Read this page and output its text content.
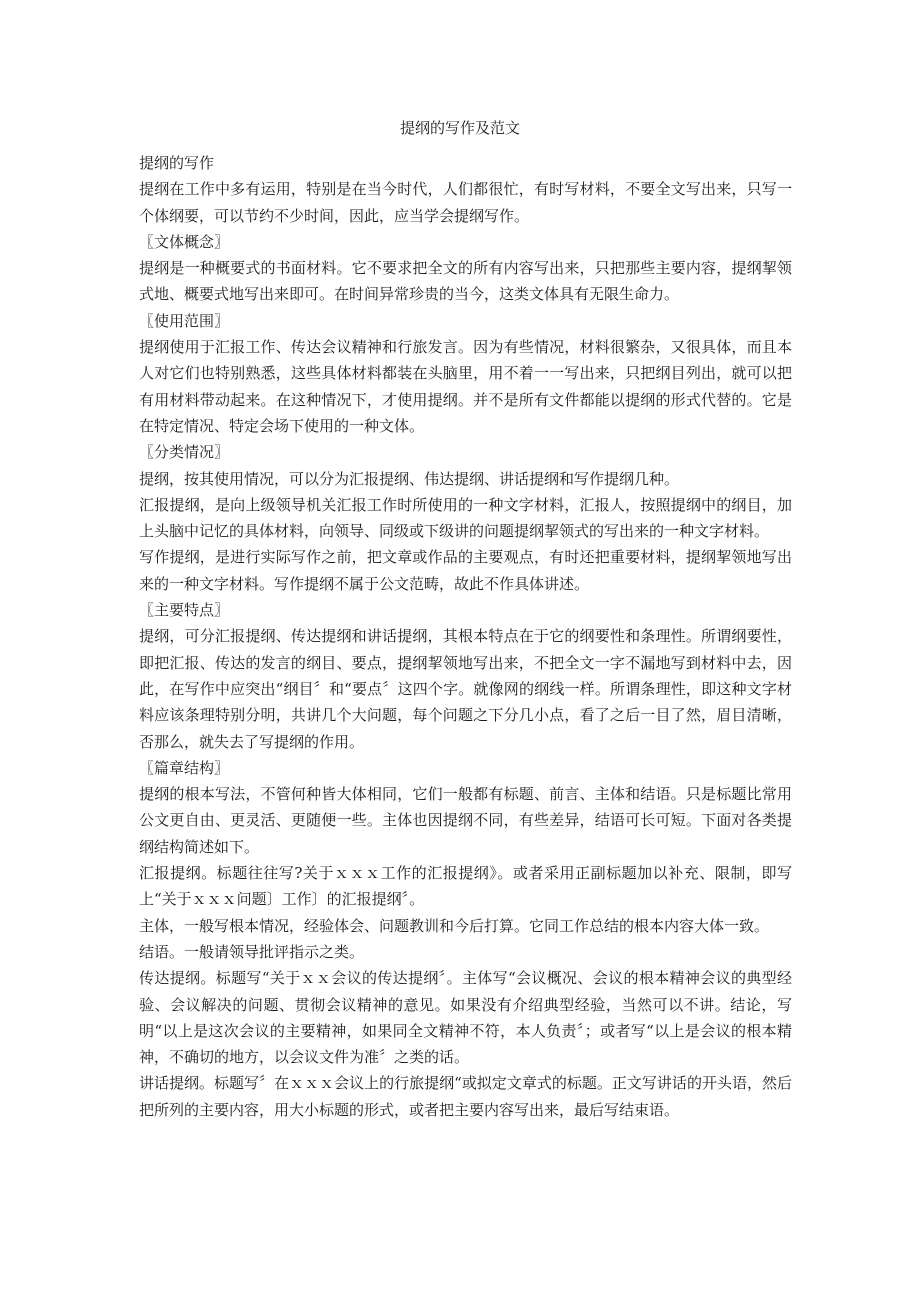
提纲的写作及范文

提纲的写作

提纲在工作中多有运用，特别是在当今时代，人们都很忙，有时写材料，不要全文写出来，只写一个体纲要，可以节约不少时间，因此，应当学会提纲写作。

〖文体概念〗

提纲是一种概要式的书面材料。它不要求把全文的所有内容写出来，只把那些主要内容，提纲挈领式地、概要式地写出来即可。在时间异常珍贵的当今，这类文体具有无限生命力。

〖使用范围〗

提纲使用于汇报工作、传达会议精神和行旅发言。因为有些情况，材料很繁杂，又很具体，而且本人对它们也特别熟悉，这些具体材料都装在头脑里，用不着一一写出来，只把纲目列出，就可以把有用材料带动起来。在这种情况下，才使用提纲。并不是所有文件都能以提纲的形式代替的。它是在特定情况、特定会场下使用的一种文体。

〖分类情况〗

提纲，按其使用情况，可以分为汇报提纲、伟达提纲、讲话提纲和写作提纲几种。

汇报提纲，是向上级领导机关汇报工作时所使用的一种文字材料，汇报人，按照提纲中的纲目，加上头脑中记忆的具体材料，向领导、同级或下级讲的问题提纲挈领式的写出来的一种文字材料。

写作提纲，是进行实际写作之前，把文章或作品的主要观点，有时还把重要材料，提纲挈领地写出来的一种文字材料。写作提纲不属于公文范畴，故此不作具体讲述。

〖主要特点〗

提纲，可分汇报提纲、传达提纲和讲话提纲，其根本特点在于它的纲要性和条理性。所谓纲要性，即把汇报、传达的发言的纲目、要点，提纲挈领地写出来，不把全文一字不漏地写到材料中去，因此，在写作中应突出“纲目〞和“要点〞这四个字。就像网的纲线一样。所谓条理性，即这种文字材料应该条理特别分明，共讲几个大问题，每个问题之下分几小点，看了之后一目了然，眉目清晰，否那么，就失去了写提纲的作用。

〖篇章结构〗

提纲的根本写法，不管何种皆大体相同，它们一般都有标题、前言、主体和结语。只是标题比常用公文更自由、更灵活、更随便一些。主体也因提纲不同，有些差异，结语可长可短。下面对各类提纲结构简述如下。

汇报提纲。标题往往写?关于ｘｘｘ工作的汇报提纲》。或者采用正副标题加以补充、限制，即写上“关于ｘｘｘ问题〕工作〕的汇报提纲〞。

主体，一般写根本情况，经验体会、问题教训和今后打算。它同工作总结的根本内容大体一致。

结语。一般请领导批评指示之类。

传达提纲。标题写“关于ｘｘ会议的传达提纲〞。主体写“会议概况、会议的根本精神会议的典型经验、会议解决的问题、贯彻会议精神的意见。如果没有介绍典型经验，当然可以不讲。结论，写明“以上是这次会议的主要精神，如果同全文精神不符，本人负责〞；或者写“以上是会议的根本精神，不确切的地方，以会议文件为准〞之类的话。

讲话提纲。标题写〞在ｘｘｘ会议上的行旅提纲“或拟定文章式的标题。正文写讲话的开头语，然后把所列的主要内容，用大小标题的形式，或者把主要内容写出来，最后写结束语。
